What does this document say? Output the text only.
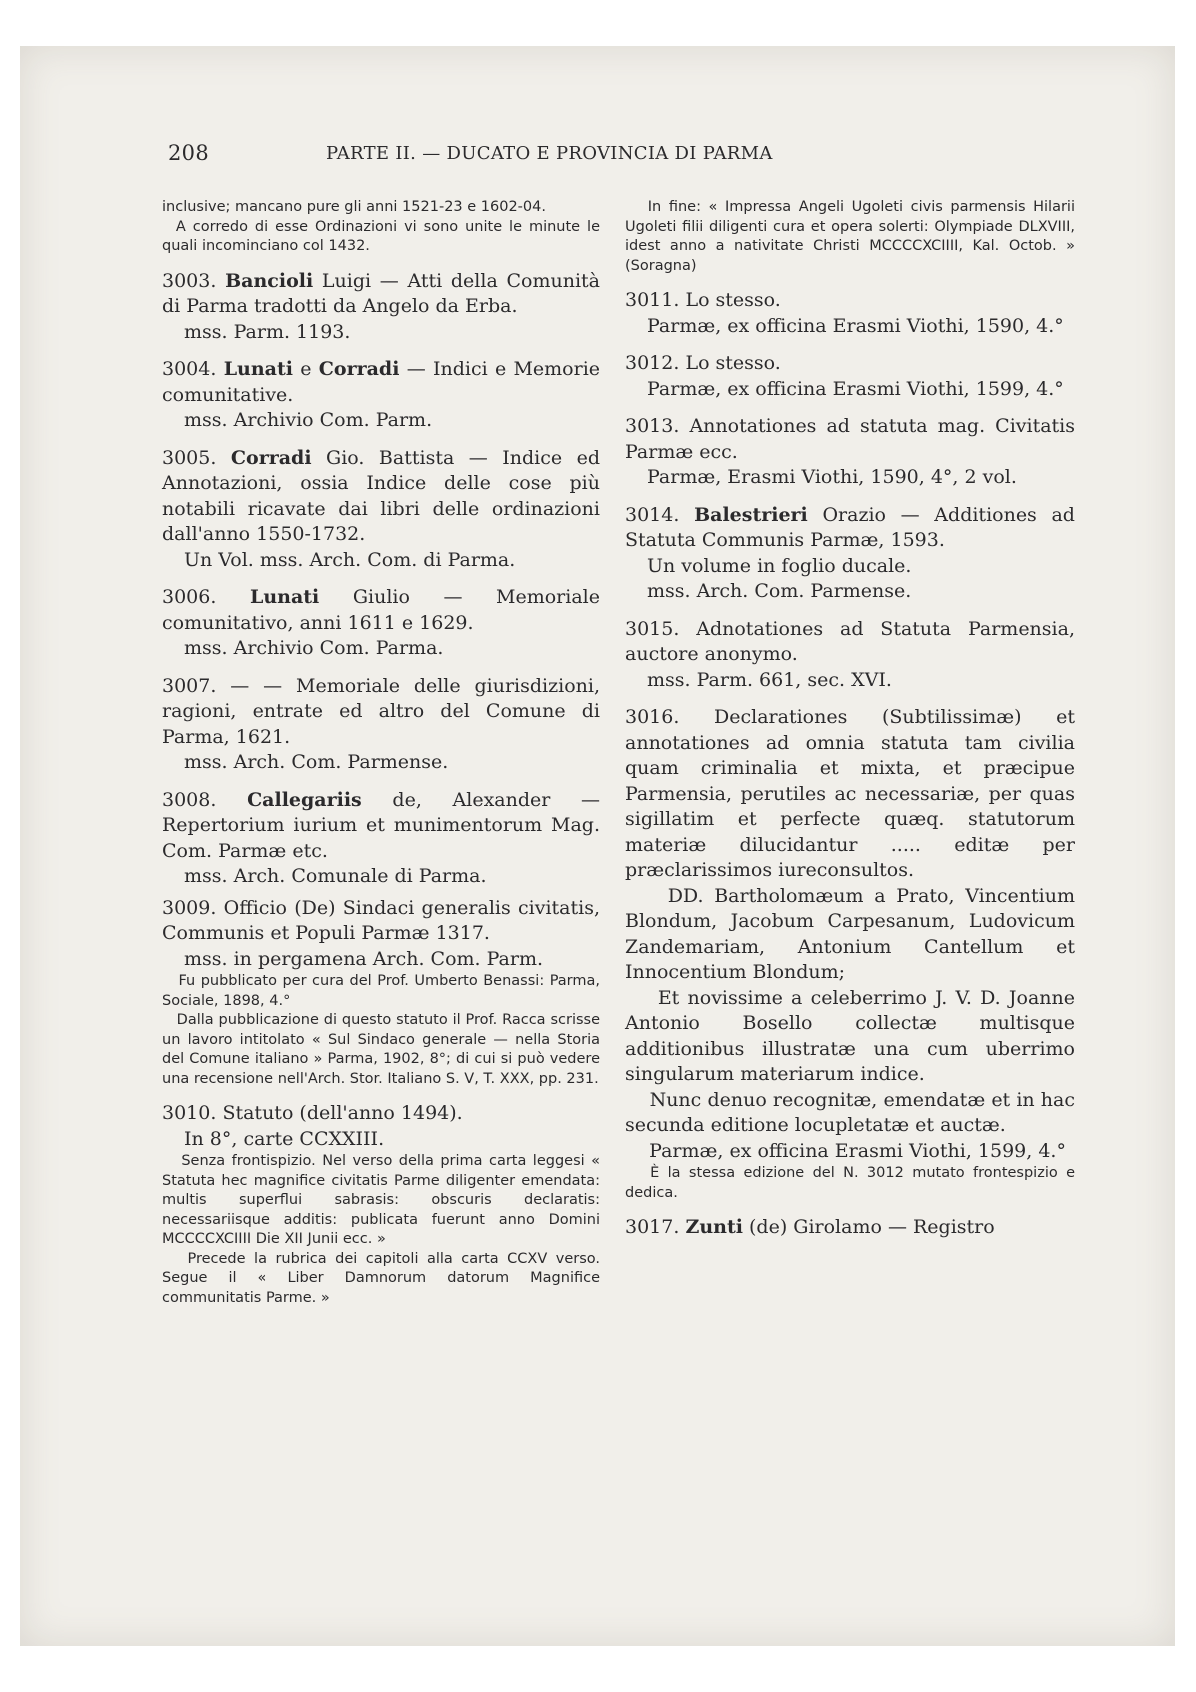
208	PARTE II. — DUCATO E PROVINCIA DI PARMA

inclusive; mancano pure gli anni 1521-23 e 1602-04.

A corredo di esse Ordinazioni vi sono unite le minute le quali incominciano col 1432.

3003. Bancioli Luigi — Atti della Comunità di Parma tradotti da Angelo da Erba.
mss. Parm. 1193.

3004. Lunati e Corradi — Indici e Memorie comunitative.
mss. Archivio Com. Parm.

3005. Corradi Gio. Battista — Indice ed Annotazioni, ossia Indice delle cose più notabili ricavate dai libri delle ordinazioni dall'anno 1550-1732.
Un Vol. mss. Arch. Com. di Parma.

3006. Lunati Giulio — Memoriale comunitativo, anni 1611 e 1629.
mss. Archivio Com. Parma.

3007. — — Memoriale delle giurisdizioni, ragioni, entrate ed altro del Comune di Parma, 1621.
mss. Arch. Com. Parmense.

3008. Callegariis de, Alexander — Repertorium iurium et munimentorum Mag. Com. Parmæ etc.
mss. Arch. Comunale di Parma.

3009. Officio (De) Sindaci generalis civitatis, Communis et Populi Parmæ 1317.
mss. in pergamena Arch. Com. Parm.

Fu pubblicato per cura del Prof. Umberto Benassi: Parma, Sociale, 1898, 4.°

Dalla pubblicazione di questo statuto il Prof. Racca scrisse un lavoro intitolato « Sul Sindaco generale — nella Storia del Comune italiano » Parma, 1902, 8°; di cui si può vedere una recensione nell'Arch. Stor. Italiano S. V, T. XXX, pp. 231.

3010. Statuto (dell'anno 1494).
In 8°, carte CCXXIII.

Senza frontispizio. Nel verso della prima carta leggesi « Statuta hec magnifice civitatis Parme diligenter emendata: multis superflui sabrasis: obscuris declaratis: necessariisque additis: publicata fuerunt anno Domini MCCCCXCIIII Die XII Junii ecc. »

Precede la rubrica dei capitoli alla carta CCXV verso. Segue il « Liber Damnorum datorum Magnifice communitatis Parme. »

In fine: « Impressa Angeli Ugoleti civis parmensis Hilarii Ugoleti filii diligenti cura et opera solerti: Olympiade DLXVIII, idest anno a nativitate Christi MCCCCXCIIII, Kal. Octob. » (Soragna)

3011. Lo stesso.
Parmæ, ex officina Erasmi Viothi, 1590, 4.°

3012. Lo stesso.
Parmæ, ex officina Erasmi Viothi, 1599, 4.°

3013. Annotationes ad statuta mag. Civitatis Parmæ ecc.
Parmæ, Erasmi Viothi, 1590, 4°, 2 vol.

3014. Balestrieri Orazio — Additiones ad Statuta Communis Parmæ, 1593.
Un volume in foglio ducale.
mss. Arch. Com. Parmense.

3015. Adnotationes ad Statuta Parmensia, auctore anonymo.
mss. Parm. 661, sec. XVI.

3016. Declarationes (Subtilissimæ) et annotationes ad omnia statuta tam civilia quam criminalia et mixta, et præcipue Parmensia, perutiles ac necessariæ, per quas sigillatim et perfecte quæq. statutorum materiæ dilucidantur ..... editæ per præclarissimos iureconsultos.

DD. Bartholomæum a Prato, Vincentium Blondum, Jacobum Carpesanum, Ludovicum Zandemariam, Antonium Cantellum et Innocentium Blondum;

Et novissime a celeberrimo J. V. D. Joanne Antonio Bosello collectæ multisque additionibus illustratæ una cum uberrimo singularum materiarum indice.

Nunc denuo recognitæ, emendatæ et in hac secunda editione locupletatæ et auctæ.

Parmæ, ex officina Erasmi Viothi, 1599, 4.°

È la stessa edizione del N. 3012 mutato frontespizio e dedica.

3017. Zunti (de) Girolamo — Registro
